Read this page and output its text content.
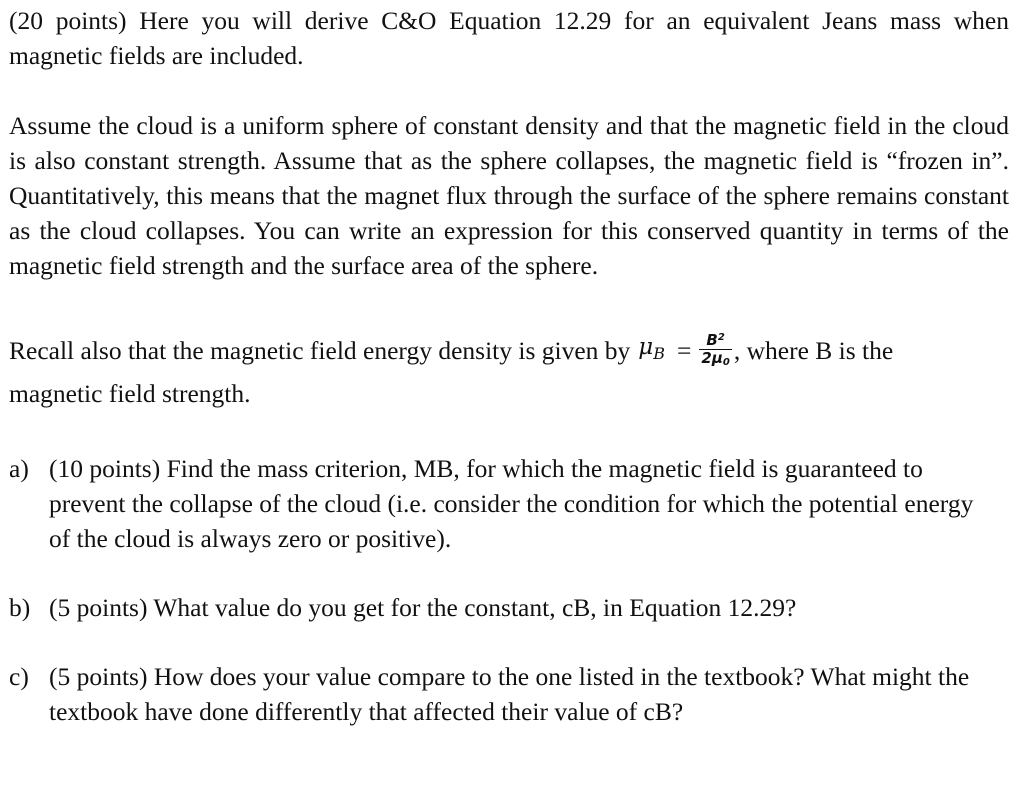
(20 points) Here you will derive C&O Equation 12.29 for an equivalent Jeans mass when magnetic fields are included.

Assume the cloud is a uniform sphere of constant density and that the magnetic field in the cloud is also constant strength. Assume that as the sphere collapses, the magnetic field is “frozen in”. Quantitatively, this means that the magnet flux through the surface of the sphere remains constant as the cloud collapses. You can write an expression for this conserved quantity in terms of the magnetic field strength and the surface area of the sphere.

Recall also that the magnetic field energy density is given by $\mu_B = \frac{B^2}{2\mu 0}$ , where B is the

magnetic field strength.

a) (10 points) Find the mass criterion, MB, for which the magnetic field is guaranteed to prevent the collapse of the cloud (i.e. consider the condition for which the potential energy of the cloud is always zero or positive).
b) (5 points) What value do you get for the constant, cB, in Equation 12.29?
c) (5 points) How does your value compare to the one listed in the textbook? What might the textbook have done differently that affected their value of cB?
